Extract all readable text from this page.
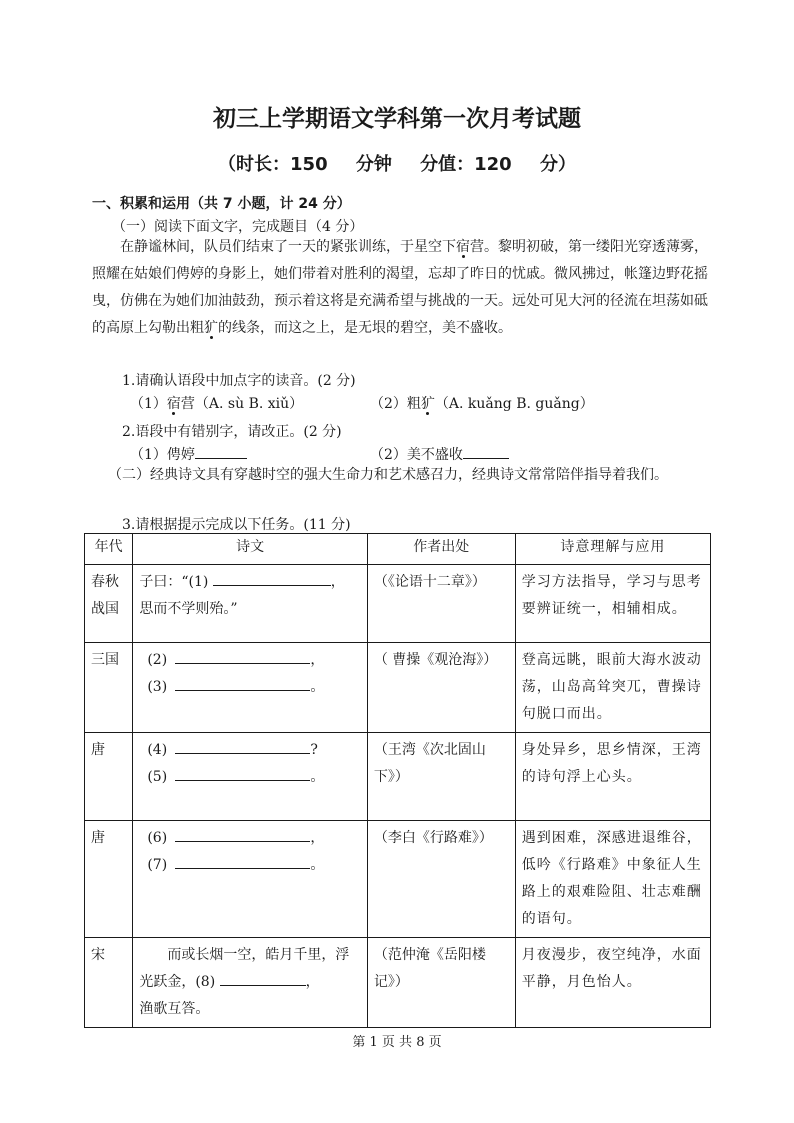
初三上学期语文学科第一次月考试题
（时长：150 分钟 分值：120 分）
一、积累和运用（共 7 小题，计 24 分）
（一）阅读下面文字，完成题目（4 分）
在静谧林间，队员们结束了一天的紧张训练，于星空下宿营。黎明初破，第一缕阳光穿透薄雾，照耀在姑娘们俜婷的身影上，她们带着对胜利的渴望，忘却了昨日的忧戚。微风拂过，帐篷边野花摇曳，仿佛在为她们加油鼓劲，预示着这将是充满希望与挑战的一天。远处可见大河的径流在坦荡如砥的高原上勾勒出粗犷的线条，而这之上，是无垠的碧空，美不盛收。
1.请确认语段中加点字的读音。(2 分)
（1）宿营（A. sù B. xiǔ）	（2）粗犷（A. kuǎng B. guǎng）
2.语段中有错别字，请改正。(2 分)
（1）俜婷	（2）美不盛收
（二）经典诗文具有穿越时空的强大生命力和艺术感召力，经典诗文常常陪伴指导着我们。
3.请根据提示完成以下任务。(11 分)
年代	诗文	作者出处	诗意理解与应用
春秋战国	子曰：“(1) ，
思而不学则殆。”	（《论语十二章》）	学习方法指导，学习与思考要辨证统一，相辅相成。
三国	(2) ，
(3) 。	（ 曹操《观沧海》）	登高远眺，眼前大海水波动荡，山岛高耸突兀，曹操诗句脱口而出。
唐	(4) ?
(5) 。	（王湾《次北固山下》）	身处异乡，思乡情深，王湾的诗句浮上心头。
唐	(6) ，
(7) 。	（李白《行路难》）	遇到困难，深感进退维谷，低吟《行路难》中象征人生路上的艰难险阻、壮志难酬的语句。
宋	而或长烟一空，皓月千里，浮光跃金，(8) ，
渔歌互答。	（范仲淹《岳阳楼记》）	月夜漫步，夜空纯净，水面平静，月色怡人。
第 1 页 共 8 页
